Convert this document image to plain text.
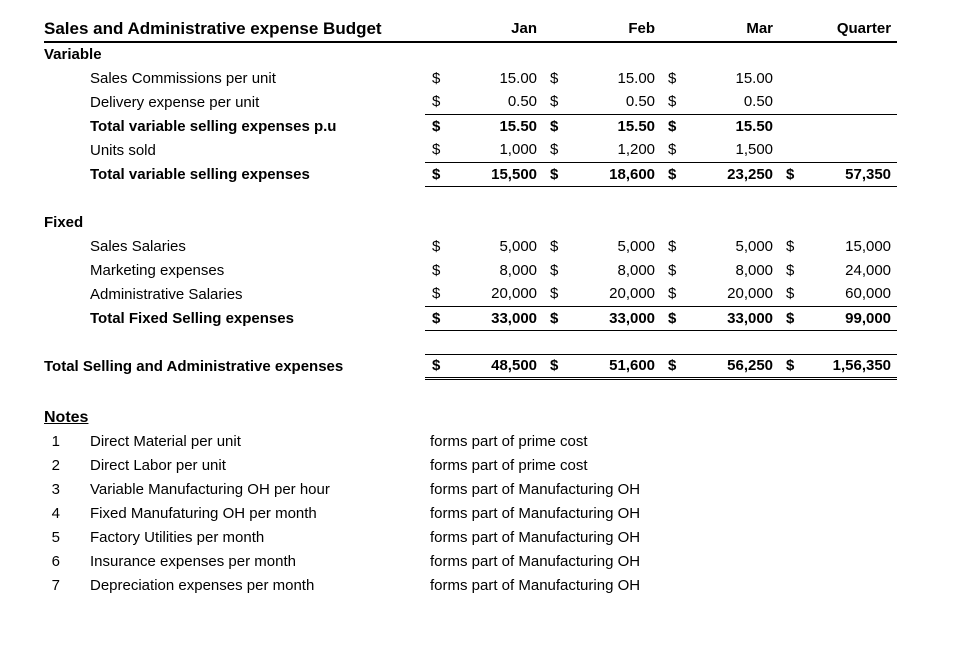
Sales and Administrative expense Budget	Jan		Feb		Mar		Quarter	
Variable								
Sales Commissions per unit	$	15.00	$	15.00	$	15.00		
Delivery expense per unit	$	0.50	$	0.50	$	0.50		
Total variable selling expenses p.u	$	15.50	$	15.50	$	15.50		
Units sold	$	1,000	$	1,200	$	1,500		
Total variable selling expenses	$	15,500	$	18,600	$	23,250	$	57,350

Fixed								
Sales Salaries	$	5,000	$	5,000	$	5,000	$	15,000
Marketing expenses	$	8,000	$	8,000	$	8,000	$	24,000
Administrative Salaries	$	20,000	$	20,000	$	20,000	$	60,000
Total Fixed Selling expenses	$	33,000	$	33,000	$	33,000	$	99,000

Total Selling and Administrative expenses	$	48,500	$	51,600	$	56,250	$	1,56,350
Notes
1	Direct Material per unit	forms part of prime cost
2	Direct Labor per unit	forms part of prime cost
3	Variable Manufacturing OH per hour	forms part of Manufacturing OH
4	Fixed Manufaturing OH per month	forms part of Manufacturing OH
5	Factory Utilities per month	forms part of Manufacturing OH
6	Insurance expenses per month	forms part of Manufacturing OH
7	Depreciation expenses per month	forms part of Manufacturing OH
